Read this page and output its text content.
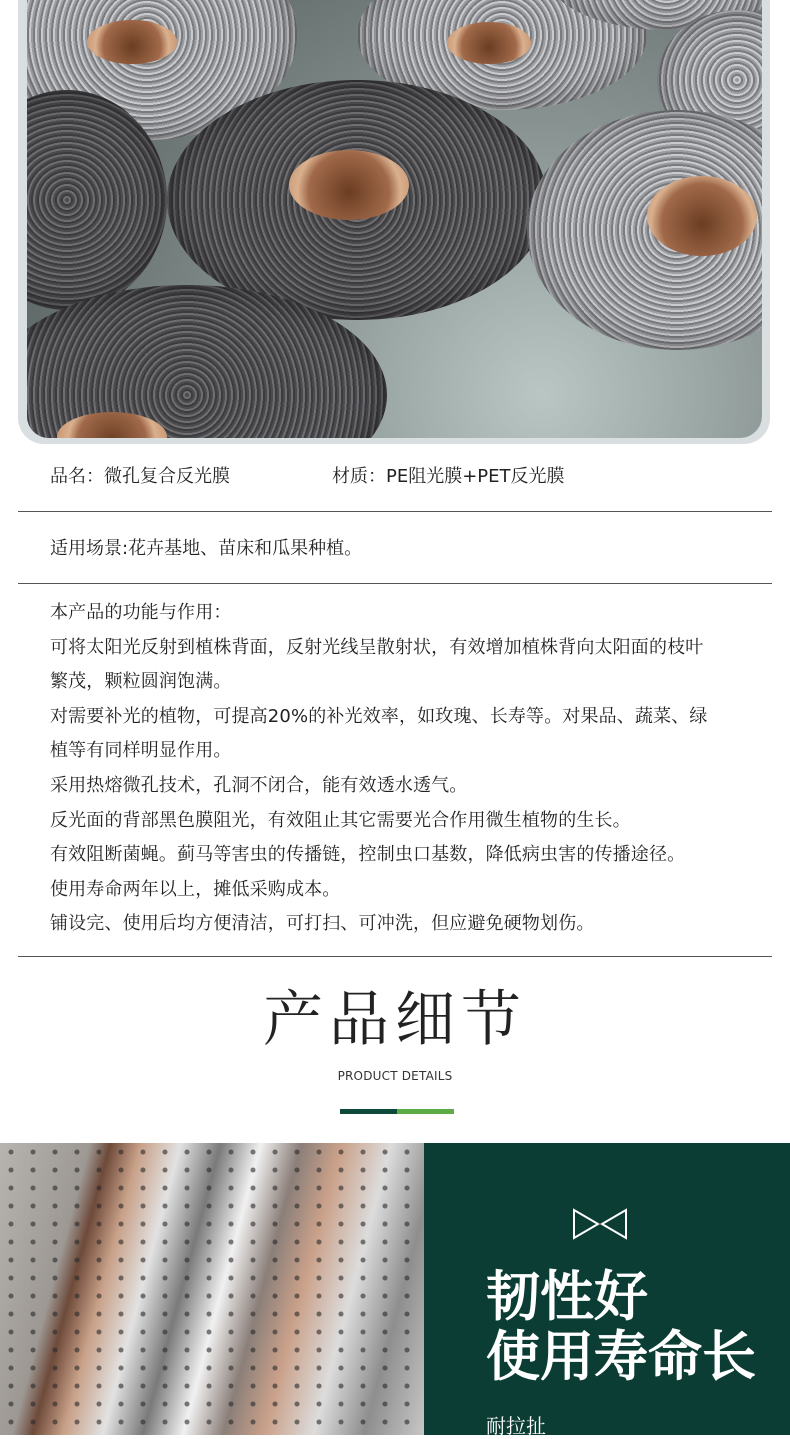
品名：微孔复合反光膜	材质：PE阻光膜+PET反光膜
适用场景:花卉基地、苗床和瓜果种植。

本产品的功能与作用：

可将太阳光反射到植株背面，反射光线呈散射状，有效增加植株背向太阳面的枝叶

繁茂，颗粒圆润饱满。

对需要补光的植物，可提高20%的补光效率，如玫瑰、长寿等。对果品、蔬菜、绿

植等有同样明显作用。

采用热熔微孔技术，孔洞不闭合，能有效透水透气。

反光面的背部黑色膜阻光，有效阻止其它需要光合作用微生植物的生长。

有效阻断菌蝇。蓟马等害虫的传播链，控制虫口基数，降低病虫害的传播途径。

使用寿命两年以上，摊低采购成本。

铺设完、使用后均方便清洁，可打扫、可冲洗，但应避免硬物划伤。

产品细节
PRODUCT DETAILS
韧性好
使用寿命长
耐拉扯
